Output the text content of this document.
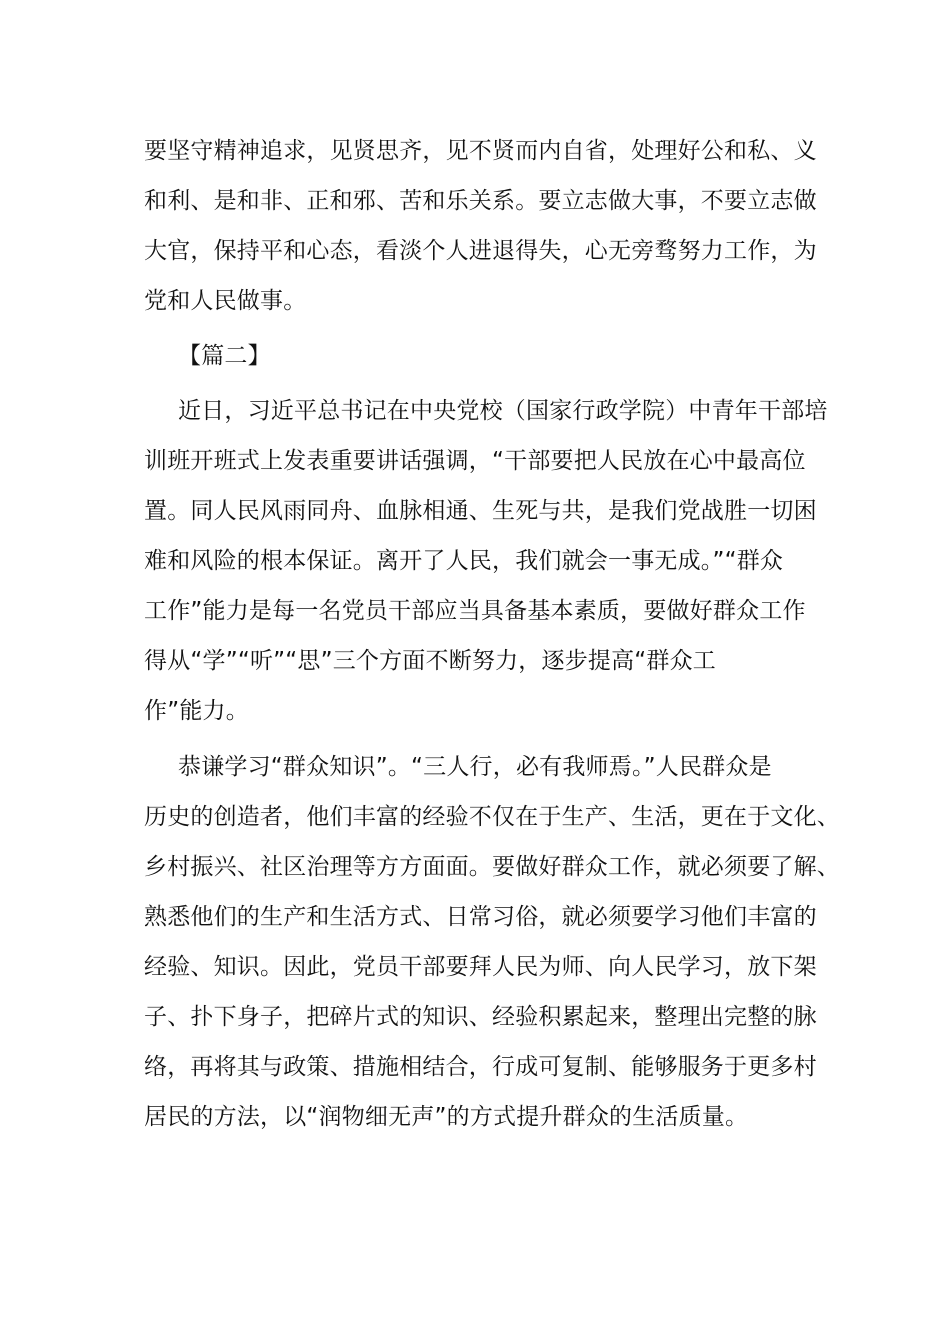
要坚守精神追求，见贤思齐，见不贤而内自省，处理好公和私、义
和利、是和非、正和邪、苦和乐关系。要立志做大事，不要立志做
大官，保持平和心态，看淡个人进退得失，心无旁骛努力工作，为
党和人民做事。
【篇二】
近日，习近平总书记在中央党校（国家行政学院）中青年干部培
训班开班式上发表重要讲话强调，“干部要把人民放在心中最高位
置。同人民风雨同舟、血脉相通、生死与共，是我们党战胜一切困
难和风险的根本保证。离开了人民，我们就会一事无成。”“群众
工作”能力是每一名党员干部应当具备基本素质，要做好群众工作
得从“学”“听”“思”三个方面不断努力，逐步提高“群众工
作”能力。
恭谦学习“群众知识”。“三人行，必有我师焉。”人民群众是
历史的创造者，他们丰富的经验不仅在于生产、生活，更在于文化、
乡村振兴、社区治理等方方面面。要做好群众工作，就必须要了解、
熟悉他们的生产和生活方式、日常习俗，就必须要学习他们丰富的
经验、知识。因此，党员干部要拜人民为师、向人民学习，放下架
子、扑下身子，把碎片式的知识、经验积累起来，整理出完整的脉
络，再将其与政策、措施相结合，行成可复制、能够服务于更多村
居民的方法，以“润物细无声”的方式提升群众的生活质量。
